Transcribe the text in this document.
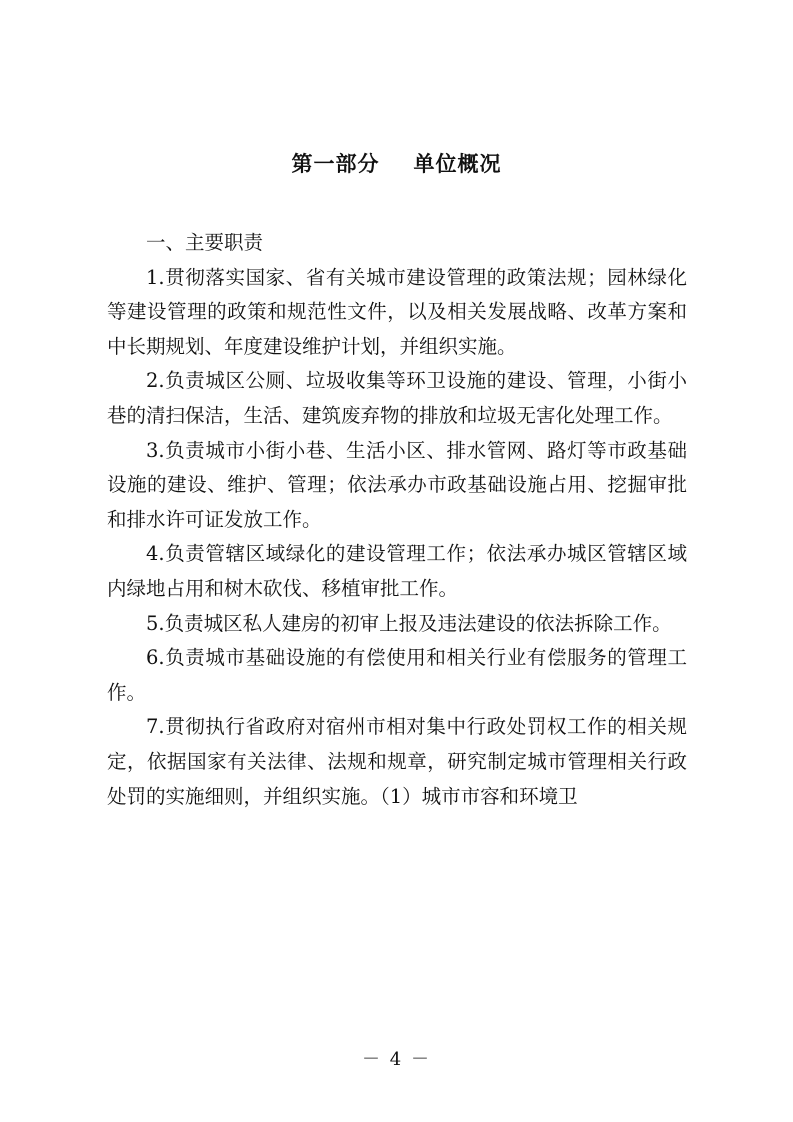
第一部分 单位概况

一、主要职责

1.贯彻落实国家、省有关城市建设管理的政策法规；园林绿化等建设管理的政策和规范性文件，以及相关发展战略、改革方案和中长期规划、年度建设维护计划，并组织实施。

2.负责城区公厕、垃圾收集等环卫设施的建设、管理，小街小巷的清扫保洁，生活、建筑废弃物的排放和垃圾无害化处理工作。

3.负责城市小街小巷、生活小区、排水管网、路灯等市政基础设施的建设、维护、管理；依法承办市政基础设施占用、挖掘审批和排水许可证发放工作。

4.负责管辖区域绿化的建设管理工作；依法承办城区管辖区域内绿地占用和树木砍伐、移植审批工作。

5.负责城区私人建房的初审上报及违法建设的依法拆除工作。

6.负责城市基础设施的有偿使用和相关行业有偿服务的管理工作。

7.贯彻执行省政府对宿州市相对集中行政处罚权工作的相关规定，依据国家有关法律、法规和规章，研究制定城市管理相关行政处罚的实施细则，并组织实施。（1）城市市容和环境卫

－ 4 －
